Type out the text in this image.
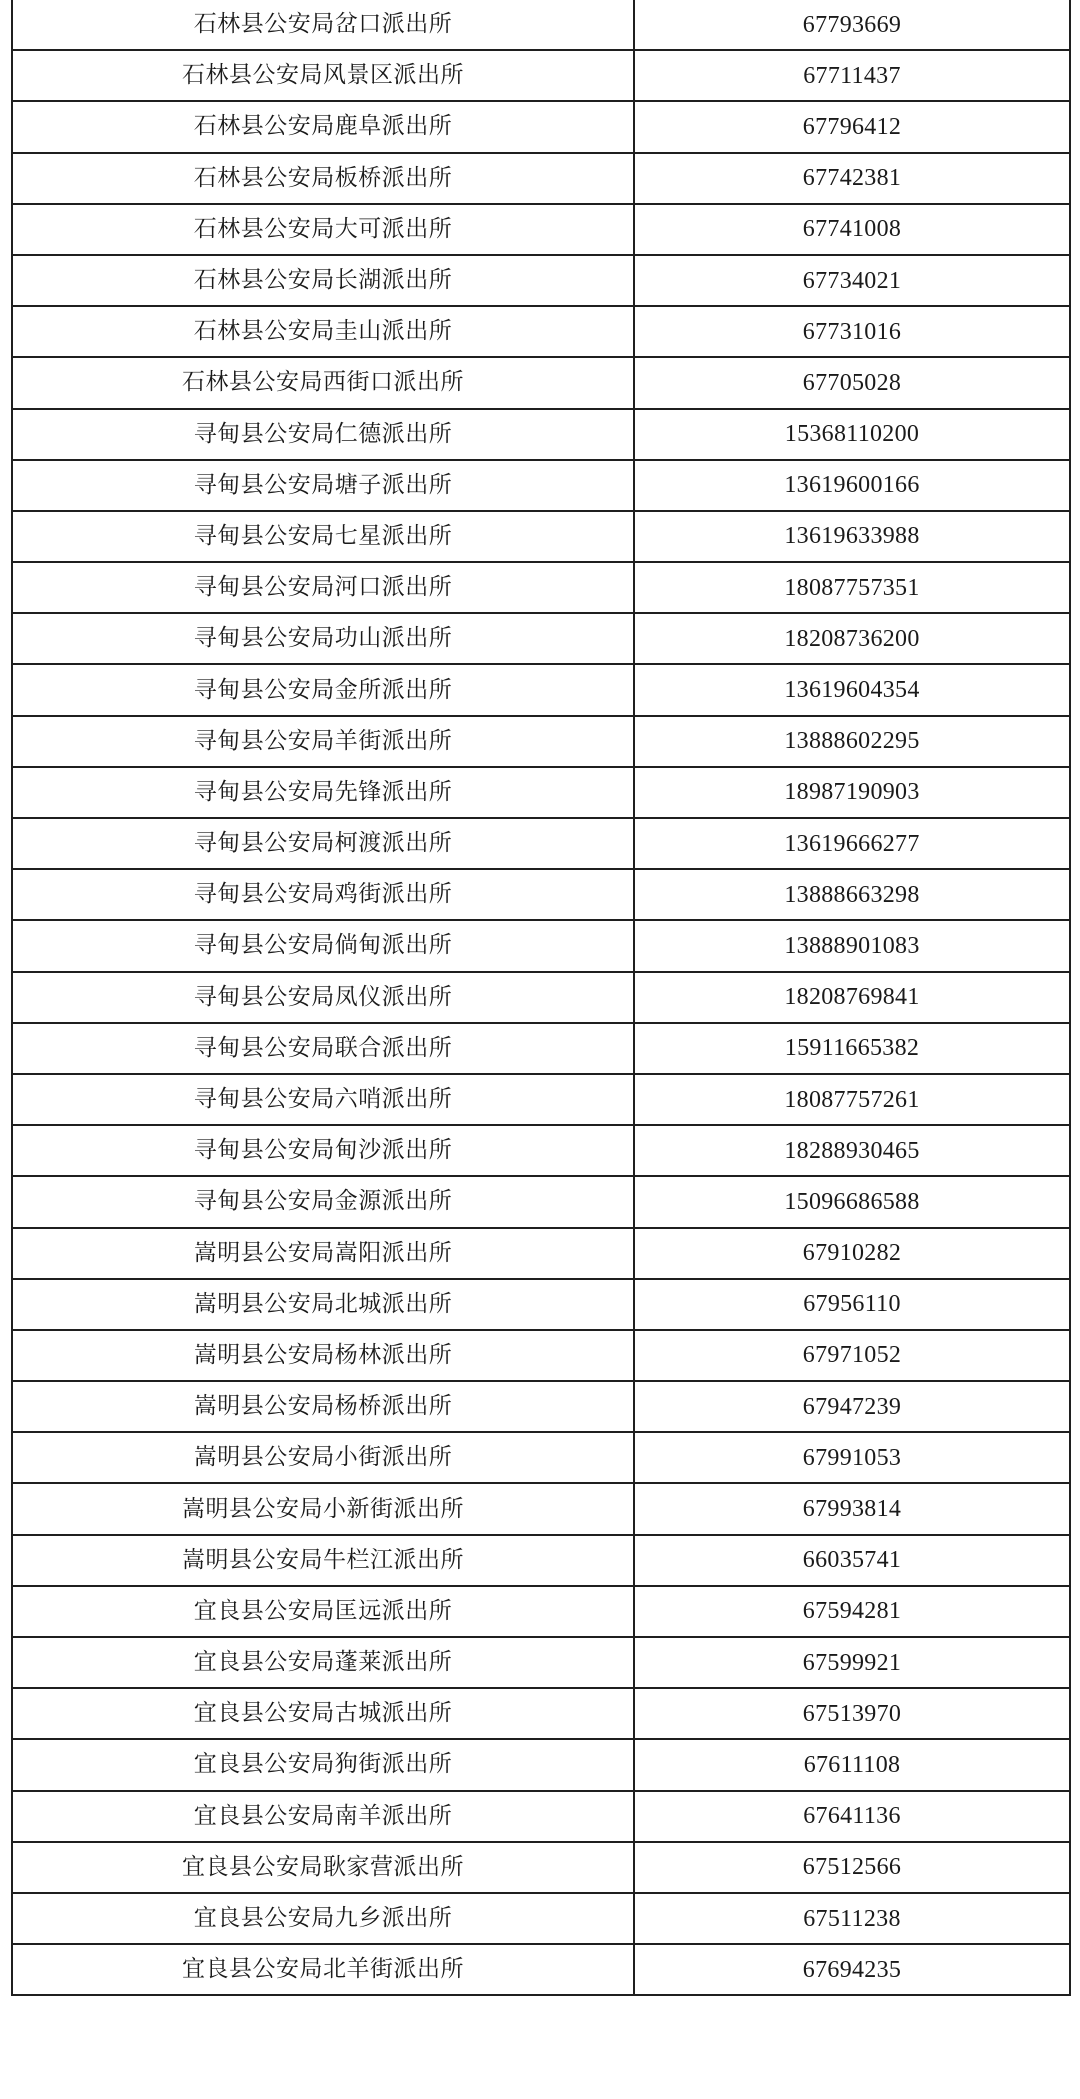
石林县公安局岔口派出所	67793669
石林县公安局风景区派出所	67711437
石林县公安局鹿阜派出所	67796412
石林县公安局板桥派出所	67742381
石林县公安局大可派出所	67741008
石林县公安局长湖派出所	67734021
石林县公安局圭山派出所	67731016
石林县公安局西街口派出所	67705028
寻甸县公安局仁德派出所	15368110200
寻甸县公安局塘子派出所	13619600166
寻甸县公安局七星派出所	13619633988
寻甸县公安局河口派出所	18087757351
寻甸县公安局功山派出所	18208736200
寻甸县公安局金所派出所	13619604354
寻甸县公安局羊街派出所	13888602295
寻甸县公安局先锋派出所	18987190903
寻甸县公安局柯渡派出所	13619666277
寻甸县公安局鸡街派出所	13888663298
寻甸县公安局倘甸派出所	13888901083
寻甸县公安局凤仪派出所	18208769841
寻甸县公安局联合派出所	15911665382
寻甸县公安局六哨派出所	18087757261
寻甸县公安局甸沙派出所	18288930465
寻甸县公安局金源派出所	15096686588
嵩明县公安局嵩阳派出所	67910282
嵩明县公安局北城派出所	67956110
嵩明县公安局杨林派出所	67971052
嵩明县公安局杨桥派出所	67947239
嵩明县公安局小街派出所	67991053
嵩明县公安局小新街派出所	67993814
嵩明县公安局牛栏江派出所	66035741
宜良县公安局匡远派出所	67594281
宜良县公安局蓬莱派出所	67599921
宜良县公安局古城派出所	67513970
宜良县公安局狗街派出所	67611108
宜良县公安局南羊派出所	67641136
宜良县公安局耿家营派出所	67512566
宜良县公安局九乡派出所	67511238
宜良县公安局北羊街派出所	67694235
